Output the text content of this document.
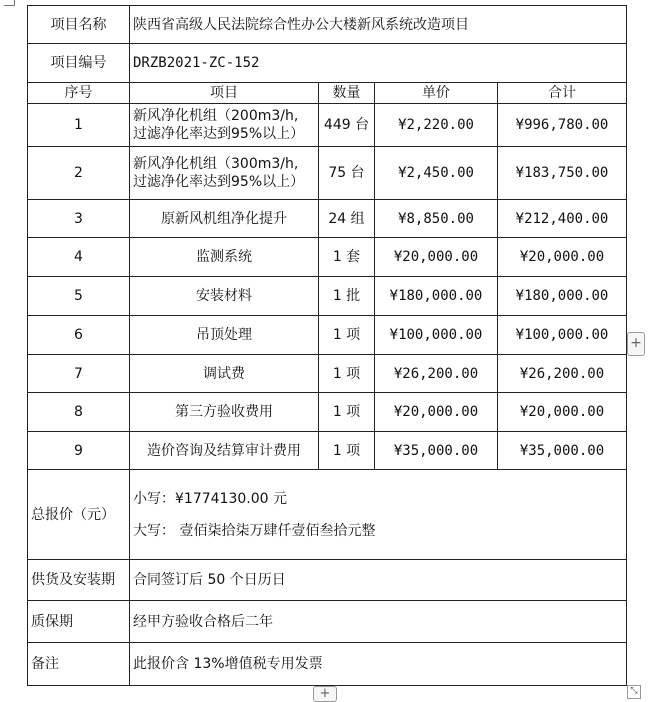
项目名称	陕西省高级人民法院综合性办公大楼新风系统改造项目			
项目编号	DRZB2021-ZC-152			
序号	项目	数量	单价	合计
1	新风净化机组（200m3/h,
过滤净化率达到95%以上）	449 台	¥2,220.00	¥996,780.00
2	新风净化机组（300m3/h,
过滤净化率达到95%以上）	75 台	¥2,450.00	¥183,750.00
3	原新风机组净化提升	24 组	¥8,850.00	¥212,400.00
4	监测系统	1 套	¥20,000.00	¥20,000.00
5	安装材料	1 批	¥180,000.00	¥180,000.00
6	吊顶处理	1 项	¥100,000.00	¥100,000.00
7	调试费	1 项	¥26,200.00	¥26,200.00
8	第三方验收费用	1 项	¥20,000.00	¥20,000.00
9	造价咨询及结算审计费用	1 项	¥35,000.00	¥35,000.00
总报价（元）	小写：¥1774130.00 元
大写： 壹佰柒拾柒万肆仟壹佰叁拾元整			

供货及安装期	合同签订后 50 个日历日			
质保期	经甲方验收合格后二年			
备注	此报价含 13%增值税专用发票			
+
+	⤡
